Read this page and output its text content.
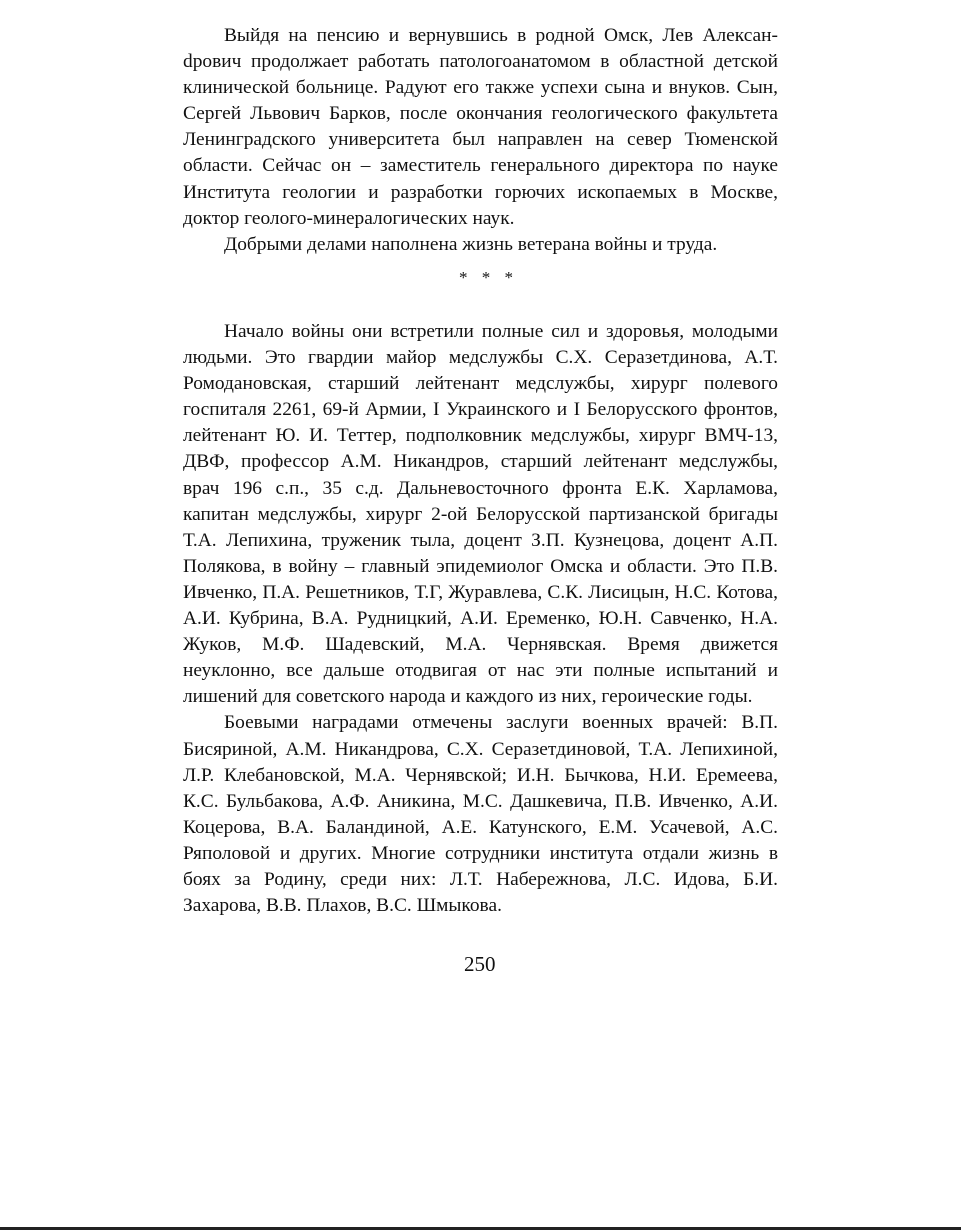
Выйдя на пенсию и вернувшись в родной Омск, Лев Алексанdрович продолжает работать патологоанатомом в областной детской клинической больнице. Радуют его также успехи сына и внуков. Сын, Сергей Львович Барков, после окончания геологического факультета Ленинградского университета был направлен на север Тюменской области. Сейчас он – заместитель генерального директора по науке Института геологии и разработки горючих ископаемых в Москве, доктор геолого-минералогических наук.

Добрыми делами наполнена жизнь ветерана войны и труда.

* * *

Начало войны они встретили полные сил и здоровья, молодыми людьми. Это гвардии майор медслужбы С.Х. Серазетдинова, А.Т. Ромодановская, старший лейтенант медслужбы, хирург полевого госпиталя 2261, 69-й Армии, I Украинского и I Белорусского фронтов, лейтенант Ю. И. Теттер, подполковник медслужбы, хирург ВМЧ-13, ДВФ, профессор А.М. Никандров, старший лейтенант медслужбы, врач 196 с.п., 35 с.д. Дальневосточного фронта Е.К. Харламова, капитан медслужбы, хирург 2-ой Белорусской партизанской бригады Т.А. Лепихина, труженик тыла, доцент З.П. Кузнецова, доцент А.П. Полякова, в войну – главный эпидемиолог Омска и области. Это П.В. Ивченко, П.А. Решетников, Т.Г, Журавлева, С.К. Лисицын, Н.С. Котова, А.И. Кубрина, В.А. Рудницкий, А.И. Еременко, Ю.Н. Савченко, Н.А. Жуков, М.Ф. Шадевский, М.А. Чернявская. Время движется неуклонно, все дальше отодвигая от нас эти полные испытаний и лишений для советского народа и каждого из них, героические годы.

Боевыми наградами отмечены заслуги военных врачей: В.П. Бисяриной, А.М. Никандрова, С.Х. Серазетдиновой, Т.А. Лепихиной, Л.Р. Клебановской, М.А. Чернявской; И.Н. Бычкова, Н.И. Еремеева, К.С. Бульбакова, А.Ф. Аникина, М.С. Дашкевича, П.В. Ивченко, А.И. Коцерова, В.А. Баландиной, А.Е. Катунского, Е.М. Усачевой, А.С. Ряполовой и других. Многие сотрудники института отдали жизнь в боях за Родину, среди них: Л.Т. Набережнова, Л.С. Идова, Б.И. Захарова, В.В. Плахов, В.С. Шмыкова.

250
